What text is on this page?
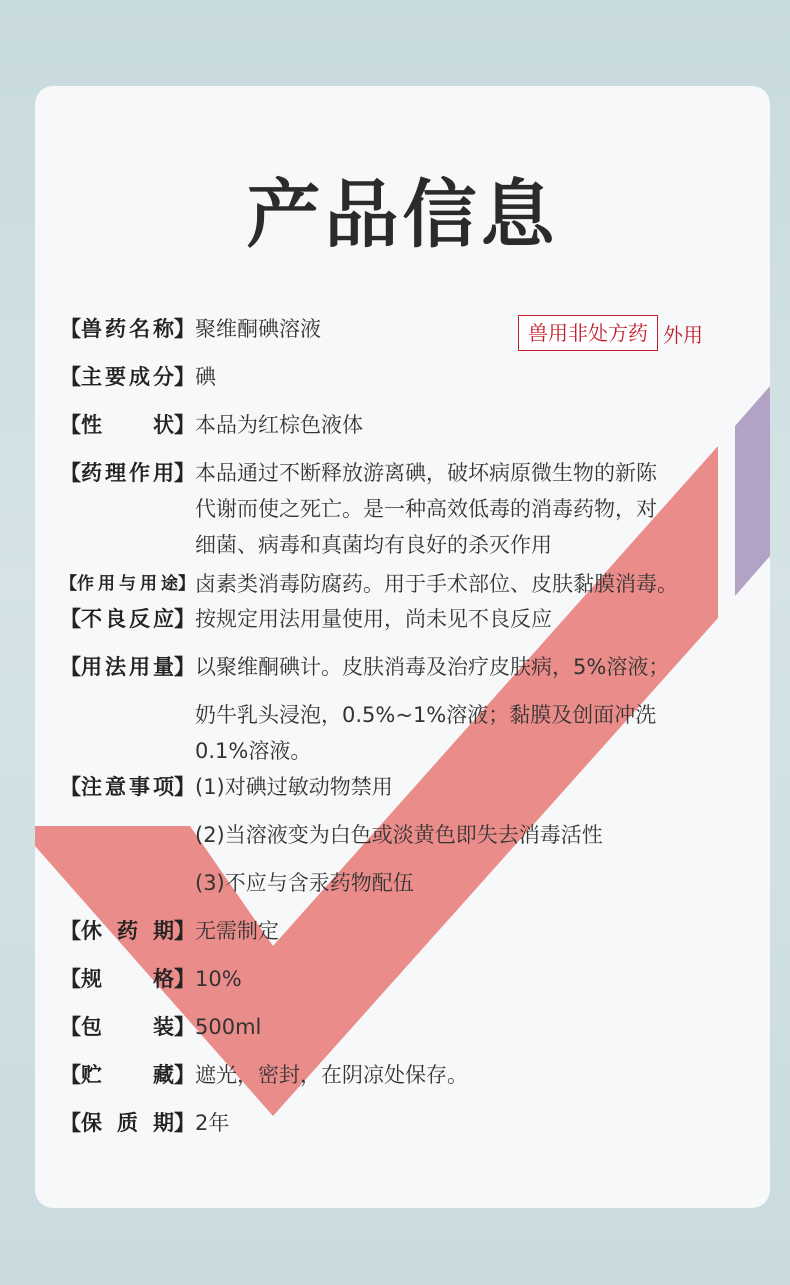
产品信息
兽用非处方药 外用
【 兽 药 名 称 】 聚维酮碘溶液
【 主 要 成 分 】 碘
【 性 状 】 本品为红棕色液体
【 药 理 作 用 】 本品通过不断释放游离碘，破坏病原微生物的新陈
代谢而使之死亡。是一种高效低毒的消毒药物，对
细菌、病毒和真菌均有良好的杀灭作用
【 作 用 与 用 途 】 卤素类消毒防腐药。用于手术部位、皮肤黏膜消毒。
【 不 良 反 应 】 按规定用法用量使用，尚未见不良反应
【 用 法 用 量 】 以聚维酮碘计。皮肤消毒及治疗皮肤病，5%溶液；
奶牛乳头浸泡，0.5%~1%溶液；黏膜及创面冲洗
0.1%溶液。
【 注 意 事 项 】 (1)对碘过敏动物禁用
(2)当溶液变为白色或淡黄色即失去消毒活性
(3)不应与含汞药物配伍
【 休 药 期 】 无需制定
【 规 格 】 10%
【 包 装 】 500ml
【 贮 藏 】 遮光，密封，在阴凉处保存。
【 保 质 期 】 2年
